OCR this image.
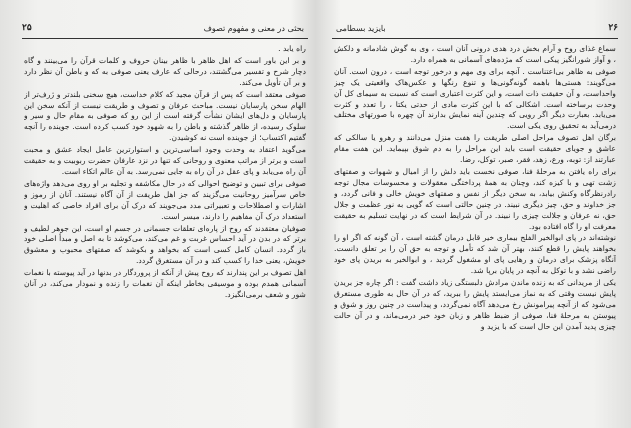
۲۵	بحثی در معنی و مفهوم تصوف

راه یابد .

و بر این باور است که اهل ظاهر با ظاهر بینان حروف و کلمات قرآن را می‌بینند و گاه دچار شرح و تفسیر می‌گشتند، درحالی که عارف یعنی صوفی به که و باطن آن نظر دارد و بر آن تأویل می‌کند.

صوفی معتقد است که پس از قرآن مجید که کلام خداست، هیچ سخنی بلندتر و ژرف‌تر از الهام سخن پارسایان نیست. مباحث عرفان و تصوف و طریقت نیست از آنکه سخن این پارسایان و دل‌های ایشان نشأت گرفته است از این رو که صوفی به مقام حال و سیر و سلوک رسیده، از ظاهر گذشته و باطن را به شهود خود کسب کرده است. جوینده را آنچه گفتیم اکتساب؛ از جوینده است نه کوشیدن.

می‌گوید اعتقاد به وحدت وجود اساسی‌ترین و استوارترین عامل ایجاد عشق و محبت است و برتر از مراتب معنوی و روحانی که تنها در نزد عارفان حضرت ربوبیت و به حقیقت آن راه می‌یابد و پای عقل در آن راه به جایی نمی‌رسد. به آن عالم اتکاء است.

صوفی برای تبیین و توضیح احوالی که در حال مکاشفه و تجلیه بر او روی می‌دهد واژه‌های خاص سرآمیز روحانیت می‌گزیند که جز اهل طریقت از آن آگاه نیستند. آنان از رموز و اشارات و اصطلاحات و تعبیراتی مدد می‌جویند که درک آن برای افراد خاصی که اهلیت و استعداد درک آن مفاهیم را دارند، میسر است.

صوفیان معتقدند که روح از پاره‌ای تعلقات جسمانی در جسم او است، این جوهر لطیف و برتر که در بدن در آید احساس غربت و غم می‌کند، می‌کوشد تا به اصل و مبدأ اصلی خود باز گردد. انسان کامل کسی است که بخواهد و بکوشد که صفتهای محبوب و معشوق خویش، یعنی خدا را کسب کند و در آن مستغرق گردد.

اهل تصوف بر این پندارند که روح پیش از آنکه از پروردگار در بدنها در آید پیوسته با نغمات آسمانی همدم بوده و موسیقی بخاطر اینکه آن نغمات را زنده و نمودار می‌کند، در آنان شور و شعف برمی‌انگیزد.

۲۶
بایزید بسطامی

سماع غذای روح و آرام بخش درد هدی درونی آنان است ، وی به گوش شادمانه و دلکش ، و آواز شورانگیز پیکی است که مژده‌های آسمانی به همراه دارد.

صوفی به ظاهر بی‌اعتناست . آنچه برای وی مهم و درخور توجه است ، درون است. آنان می‌گویند: هستی‌ها باهمه گونه‌گونی‌ها و تنوع رنگها و عکس‌هاک واقعیتی یک چیز واحداست، و آن حقیقت ذات است، و این کثرت اعتباری است که نسبت به سیمای کل آن وحدت برساخته است. اشکالی که با این کثرت مادی از حدتی یکتا ، را تعدد و کثرت می‌یابد. بعبارت دیگر اگر رویی که چندین آینه نمایش بدارند آن چهره با صورتهای مختلف درمی‌آید به تحقیق روی یکی است.

برگان اهل تصوف مراحل اصلی طریقت را هفت منزل می‌دانند و رهرو یا سالکی که عاشق و جویای حقیقت است باید این مراحل را به دم شوق بپیماید. این هفت مقام عبارتند از: توبه، ورع، زهد، فقر، صبر، توکل، رضا.

برای راه یافتن به مرحلهٔ فنا، صوفی نخست باید دلش را از امیال و شهوات و صفتهای زشت تهی و با کیزه کند، وچنان به همهٔ پرداختگی معقولات و محسوسات مجال توجه رادرنظرگاه وکنش بیابد، به سخن دیگر از نفس و صفتهای خویش خالی و فانی گردد، و جز خداوند و حق، چیز دیگری نبیند. در چنین حالتی است که گویی به نور عظمت و جلال حق، نه عرفان و جلالت چیزی را نبیند. در آن شرایط است که در نهایت تسلیم به حقیقت معرفت او را گاه افتاده بود.

نوشته‌اند در پای ابوالخیر الفلج بیماری خیر قابل درمان گشته است ، آن گونه که اگر او را بخواهند پایش را قطع کنند، بهتر آن شد که تأمل و توجه به حق آن را بر تعلق دانست. آنگاه پزشک برای درمان و رهایی پای او مشغول گردید ، و ابوالخیر به بریدن پای خود راضی نشد و با توکل به آنچه در پایان برپا شد.

یکی از مریدانی که به زنده ماندن مرادش دلبستگی زیاد داشت گفت : اگر چاره جز بریدن پایش نیست وقتی که به نماز می‌ایستد پایش را ببرید، که در آن حال به طوری مستغرق می‌شود که از آنچه پیرامونش رخ می‌دهد آگاه نمی‌گردد، و پیداست در چنین روز و شوق و پیوستن به مرحلهٔ فنا، صوفی از ضبط ظاهر و زبان خود خبر درمی‌ماند، و در آن حالت چیزی پدید آمدن این حال است که با یزید و
